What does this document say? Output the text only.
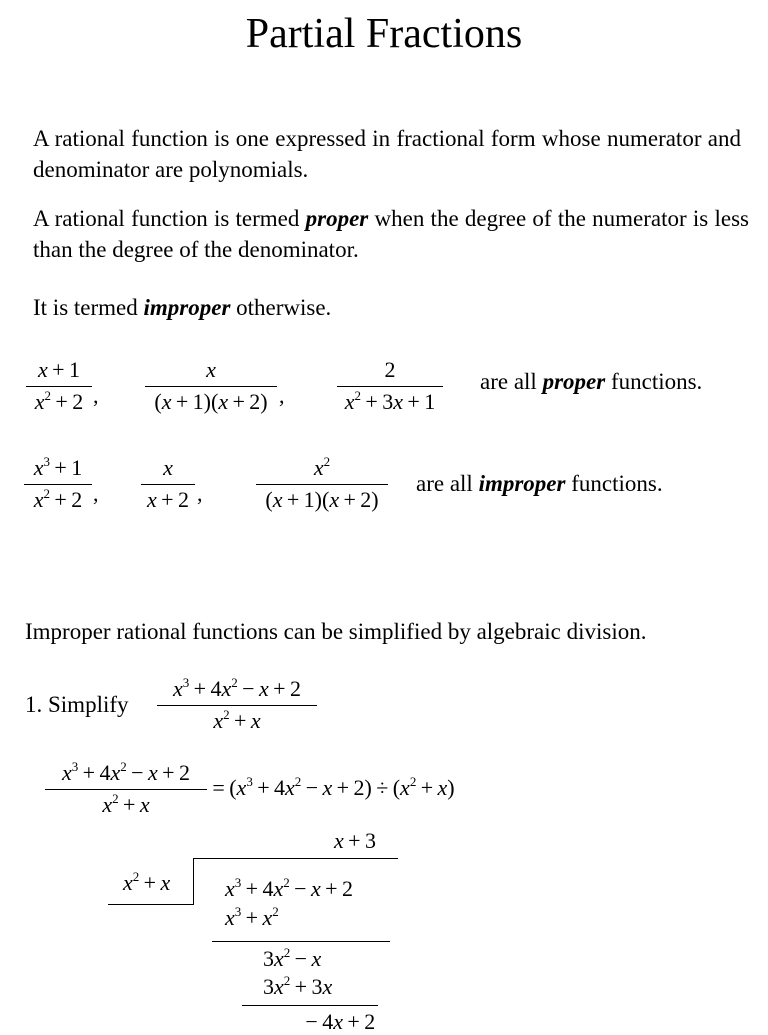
Partial Fractions
A rational function is one expressed in fractional form whose numerator and denominator are polynomials.
A rational function is termed proper when the degree of the numerator is less than the degree of the denominator.
It is termed improper otherwise.
x + 1
$x^2 + 2$ ,
x
(x + 1)(x + 2) ,
2
$x^2 + 3x + 1$
are all proper functions.
$x^3 + 1$
$x^2 + 2$ ,
x
x + 2 ,
$x^2$
(x + 1)(x + 2)
are all improper functions.
Improper rational functions can be simplified by algebraic division.
1. Simplify
$x^3 + 4x^2 - x + 2$
$x^2 + x$
$x^3 + 4x^2 - x + 2$
$x^2 + x$
 = $(x^3 + 4x^2 - x + 2) \div (x^2 + x)$
x + 3
$x^2 + x$ $x^3 + 4x^2 - x + 2$
$x^3 + x^2$
$3x^2 - x$
$3x^2 + 3x$
 − 4x + 2
